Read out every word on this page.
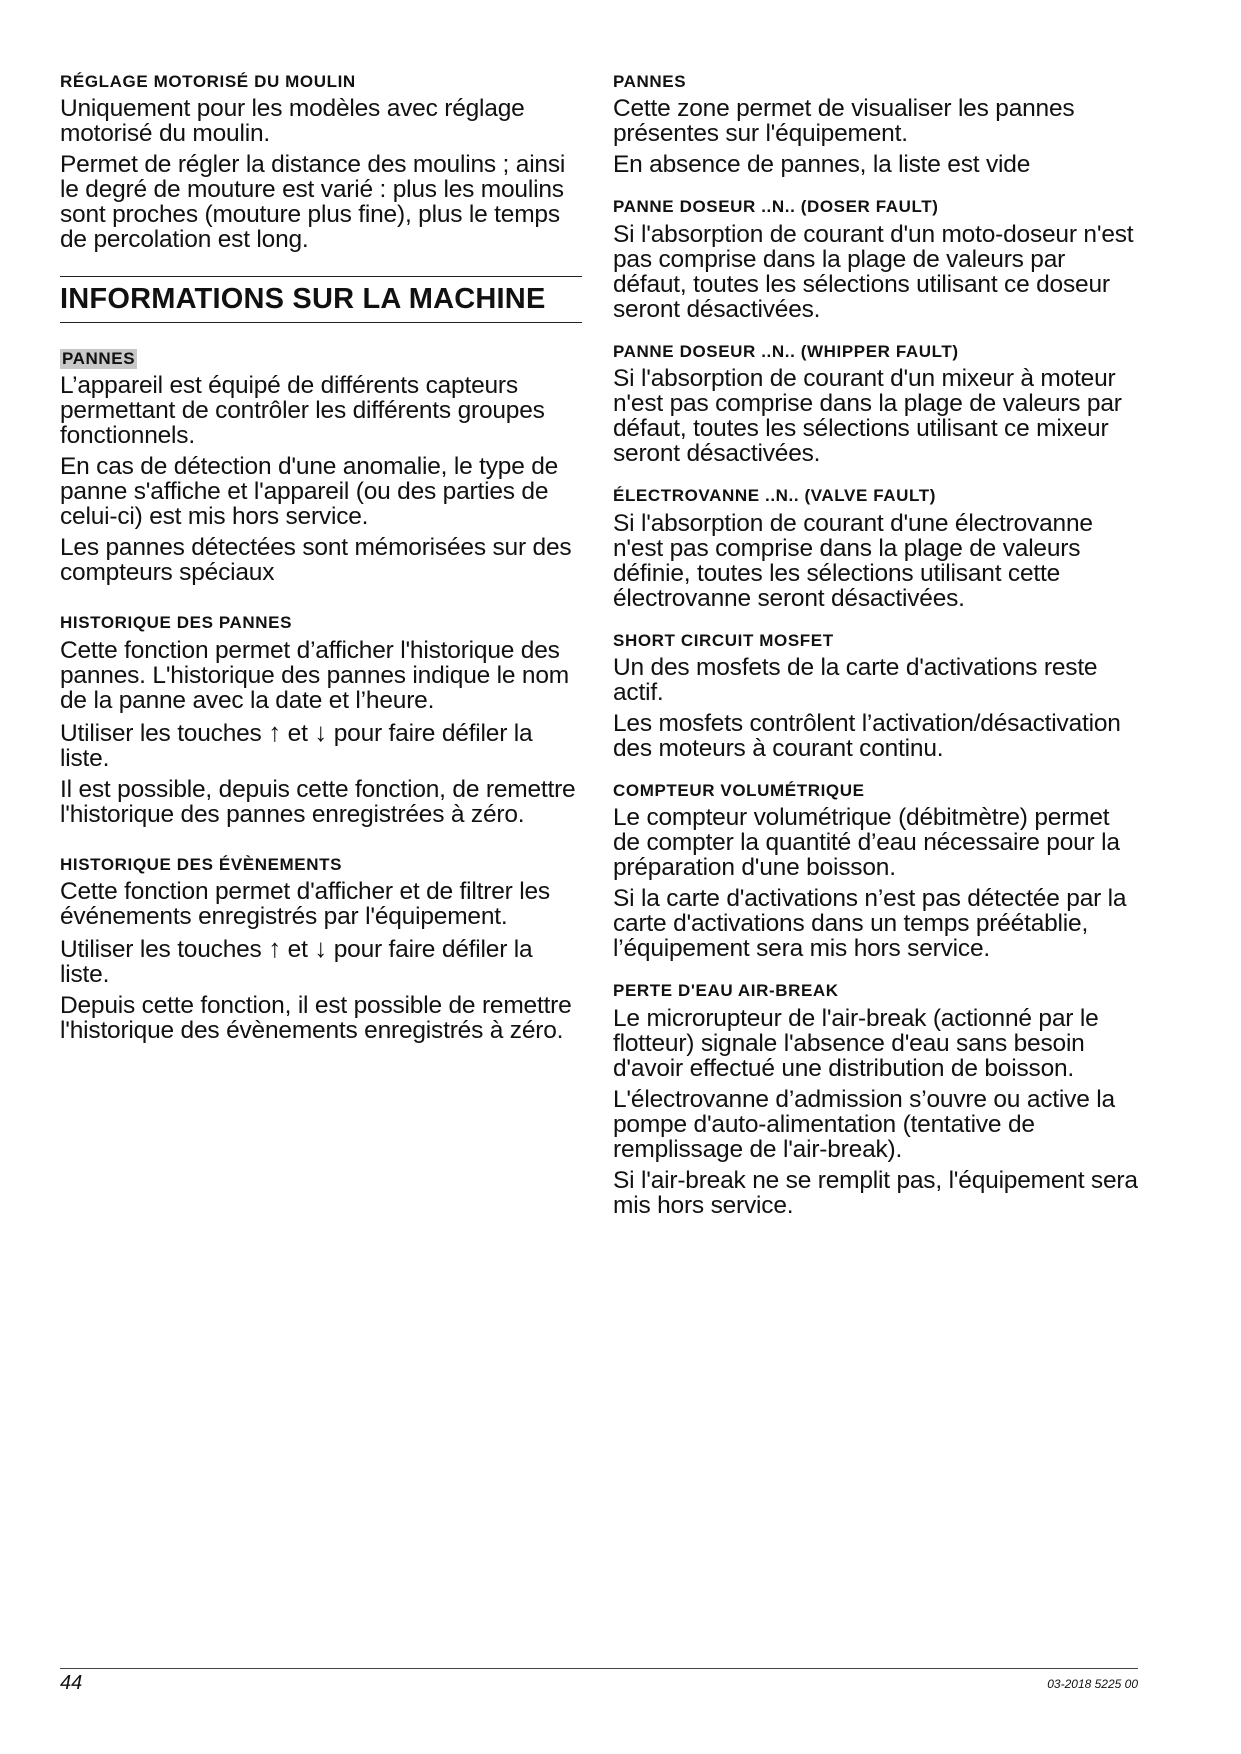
RÉGLAGE MOTORISÉ DU MOULIN

Uniquement pour les modèles avec réglage motorisé du moulin.

Permet de régler la distance des moulins ; ainsi le degré de mouture est varié : plus les moulins sont proches (mouture plus fine), plus le temps de percolation est long.

INFORMATIONS SUR LA MACHINE
PANNES

L’appareil est équipé de différents capteurs permettant de contrôler les différents groupes fonctionnels.

En cas de détection d'une anomalie, le type de panne s'affiche et l'appareil (ou des parties de celui-ci) est mis hors service.

Les pannes détectées sont mémorisées sur des compteurs spéciaux

HISTORIQUE DES PANNES

Cette fonction permet d’afficher l'historique des pannes. L'historique des pannes indique le nom de la panne avec la date et l’heure.

Utiliser les touches ↑ et ↓ pour faire défiler la liste.

Il est possible, depuis cette fonction, de remettre l'historique des pannes enregistrées à zéro.

HISTORIQUE DES ÉVÈNEMENTS

Cette fonction permet d'afficher et de filtrer les événements enregistrés par l'équipement.

Utiliser les touches ↑ et ↓ pour faire défiler la liste.

Depuis cette fonction, il est possible de remettre l'historique des évènements enregistrés à zéro.

PANNES

Cette zone permet de visualiser les pannes présentes sur l'équipement.

En absence de pannes, la liste est vide

PANNE DOSEUR ..N.. (DOSER FAULT)

Si l'absorption de courant d'un moto-doseur n'est pas comprise dans la plage de valeurs par défaut, toutes les sélections utilisant ce doseur seront désactivées.

PANNE DOSEUR ..N.. (WHIPPER FAULT)

Si l'absorption de courant d'un mixeur à moteur n'est pas comprise dans la plage de valeurs par défaut, toutes les sélections utilisant ce mixeur seront désactivées.

ÉLECTROVANNE ..N.. (VALVE FAULT)

Si l'absorption de courant d'une électrovanne n'est pas comprise dans la plage de valeurs définie, toutes les sélections utilisant cette électrovanne seront désactivées.

SHORT CIRCUIT MOSFET

Un des mosfets de la carte d'activations reste actif.

Les mosfets contrôlent l’activation/désactivation des moteurs à courant continu.

COMPTEUR VOLUMÉTRIQUE

Le compteur volumétrique (débitmètre) permet de compter la quantité d’eau nécessaire pour la préparation d'une boisson.

Si la carte d'activations n’est pas détectée par la carte d'activations dans un temps préétablie, l’équipement sera mis hors service.

PERTE D'EAU AIR-BREAK

Le microrupteur de l'air-break (actionné par le flotteur) signale l'absence d'eau sans besoin d'avoir effectué une distribution de boisson.

L'électrovanne d’admission s’ouvre ou active la pompe d'auto-alimentation (tentative de remplissage de l'air-break).

Si l'air-break ne se remplit pas, l'équipement sera mis hors service.

44	03-2018 5225 00
